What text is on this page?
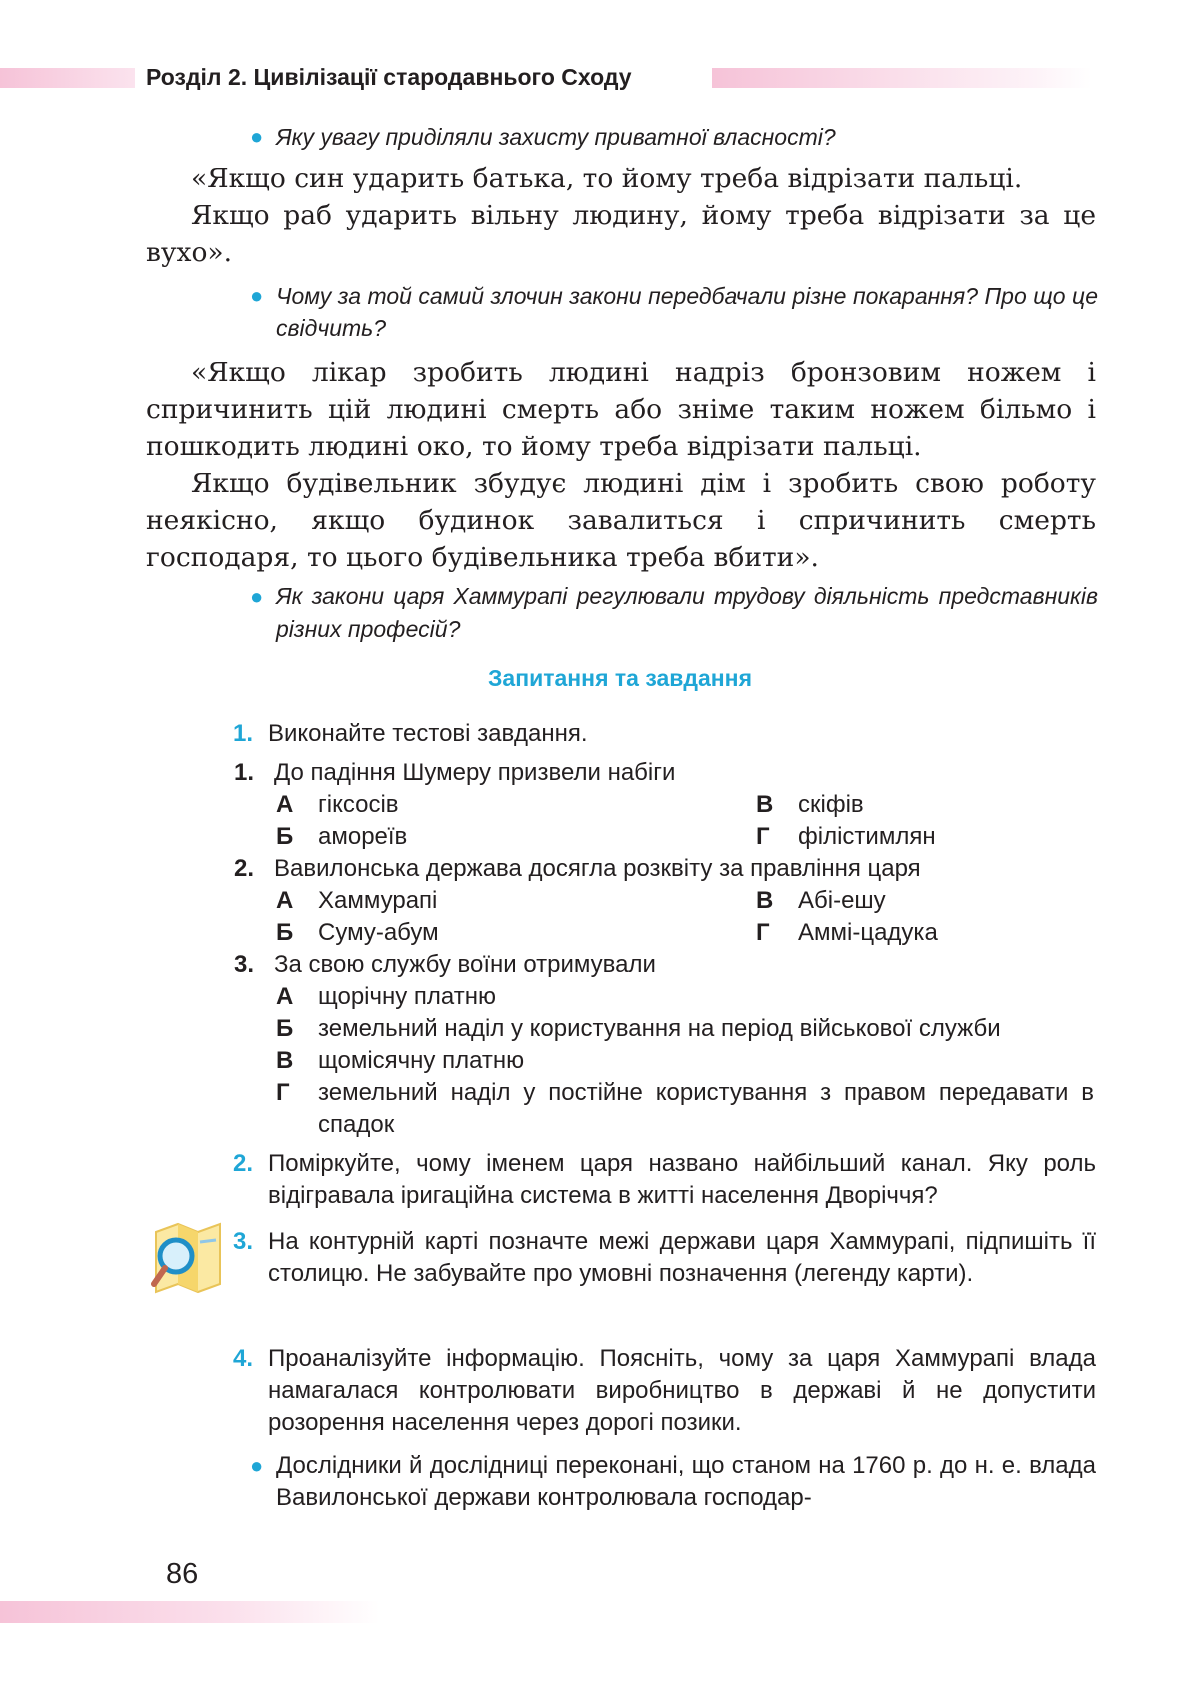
Розділ 2. Цивілізації стародавнього Сходу
● Яку увагу приділяли захисту приватної власності?

«Якщо син ударить батька, то йому треба відрізати пальці.

Якщо раб ударить вільну людину, йому треба відрізати за це вухо».

● Чому за той самий злочин закони передбачали різне покарання? Про що це свідчить?

«Якщо лікар зробить людині надріз бронзовим ножем і спричинить цій людині смерть або зніме таким ножем більмо і пошкодить людині око, то йому треба відрізати пальці.

Якщо будівельник збудує людині дім і зробить свою роботу неякісно, якщо будинок завалиться і спричинить смерть господаря, то цього будівельника треба вбити».

● Як закони царя Хаммурапі регулювали трудову діяльність представників різних професій?
Запитання та завдання
1. Виконайте тестові завдання.
1. До падіння Шумеру призвели набіги
А гіксосів
Б амореїв
В скіфів
Г філістимлян
2. Вавилонська держава досягла розквіту за правління царя
А Хаммурапі
Б Суму-абум
В Абі-ешу
Г Аммі-цадука
3. За свою службу воїни отримували
А щорічну платню
Б земельний наділ у користування на період військової служби
В щомісячну платню
Г земельний наділ у постійне користування з правом передавати в спадок
2. Поміркуйте, чому іменем царя названо найбільший канал. Яку роль відігравала іригаційна система в житті населення Дворіччя?
3. На контурній карті позначте межі держави царя Хаммурапі, підпишіть її столицю. Не забувайте про умовні позначення (легенду карти).
4. Проаналізуйте інформацію. Поясніть, чому за царя Хаммурапі влада намагалася контролювати виробництво в державі й не допустити розорення населення через дорогі позики.
● Дослідники й дослідниці переконані, що станом на 1760 р. до н. е. влада Вавилонської держави контролювала господар-
86
